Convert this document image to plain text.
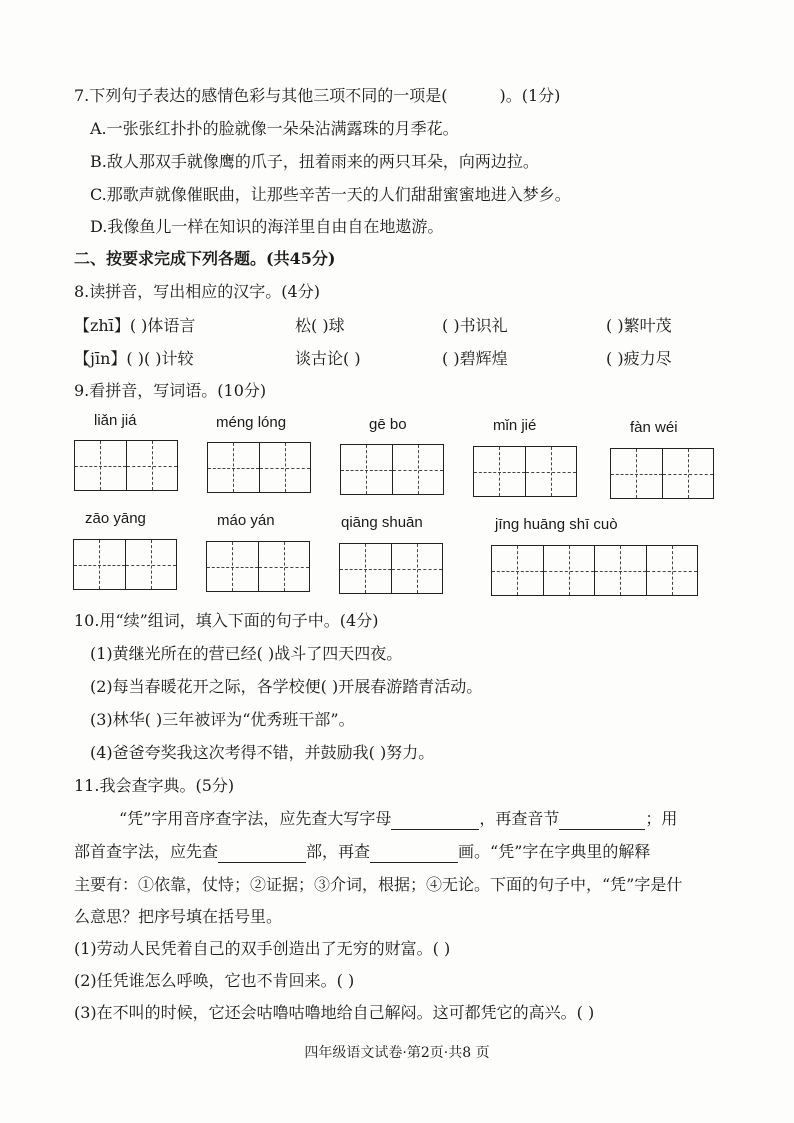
7.下列句子表达的感情色彩与其他三项不同的一项是(	)。(1分)
A.一张张红扑扑的脸就像一朵朵沾满露珠的月季花。
B.敌人那双手就像鹰的爪子，扭着雨来的两只耳朵，向两边拉。
C.那歌声就像催眠曲，让那些辛苦一天的人们甜甜蜜蜜地进入梦乡。
D.我像鱼儿一样在知识的海洋里自由自在地遨游。
二、按要求完成下列各题。(共45分)
8.读拼音，写出相应的汉字。(4分)
【zhī】( )体语言	松( )球	( )书识礼	( )繁叶茂
【jīn】( )( )计较	谈古论( )	( )碧辉煌	( )疲力尽
9.看拼音，写词语。(10分)
liǎn jiá	méng lóng	gē bo	mǐn jié	fàn wéi
zāo yāng	máo yán	qiāng shuān	jīng huāng shī cuò
10.用“续”组词，填入下面的句子中。(4分)
(1)黄继光所在的营已经( )战斗了四天四夜。
(2)每当春暖花开之际，各学校便( )开展春游踏青活动。
(3)林华( )三年被评为“优秀班干部”。
(4)爸爸夸奖我这次考得不错，并鼓励我( )努力。
11.我会查字典。(5分)
“凭”字用音序查字法，应先查大写字母	，再查音节	；用
部首查字法，应先查	部，再查	画。“凭”字在字典里的解释
主要有：①依靠，仗恃；②证据；③介词，根据；④无论。下面的句子中，“凭”字是什
么意思？把序号填在括号里。
(1)劳动人民凭着自己的双手创造出了无穷的财富。( )
(2)任凭谁怎么呼唤，它也不肯回来。( )
(3)在不叫的时候，它还会咕噜咕噜地给自己解闷。这可都凭它的高兴。( )
四年级语文试卷·第2页·共8 页
